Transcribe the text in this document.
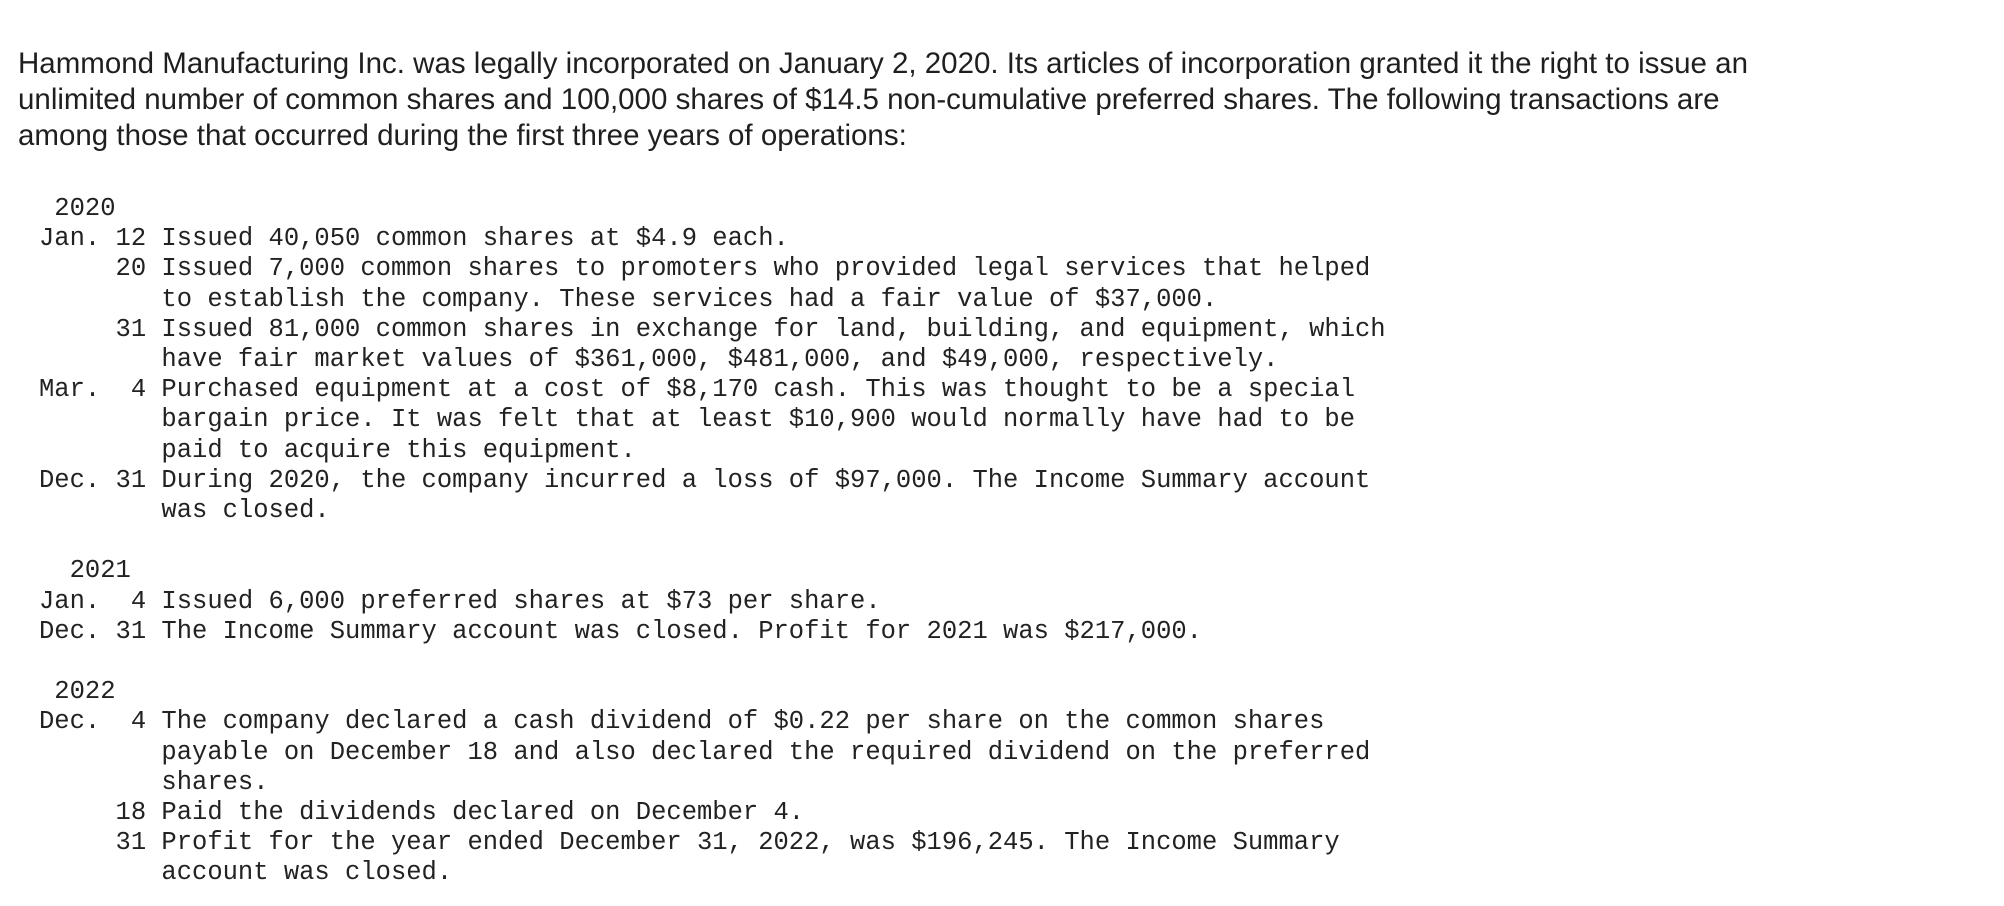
Hammond Manufacturing Inc. was legally incorporated on January 2, 2020. Its articles of incorporation granted it the right to issue an
unlimited number of common shares and 100,000 shares of $14.5 non-cumulative preferred shares. The following transactions are
among those that occurred during the first three years of operations:
2020
Jan. 12 Issued 40,050 common shares at $4.9 each.
20 Issued 7,000 common shares to promoters who provided legal services that helped
to establish the company. These services had a fair value of $37,000.
31 Issued 81,000 common shares in exchange for land, building, and equipment, which
have fair market values of $361,000, $481,000, and $49,000, respectively.
Mar.  4 Purchased equipment at a cost of $8,170 cash. This was thought to be a special
bargain price. It was felt that at least $10,900 would normally have had to be
paid to acquire this equipment.
Dec. 31 During 2020, the company incurred a loss of $97,000. The Income Summary account
was closed.
2021
Jan.  4 Issued 6,000 preferred shares at $73 per share.
Dec. 31 The Income Summary account was closed. Profit for 2021 was $217,000.
2022
Dec.  4 The company declared a cash dividend of $0.22 per share on the common shares
payable on December 18 and also declared the required dividend on the preferred
shares.
18 Paid the dividends declared on December 4.
31 Profit for the year ended December 31, 2022, was $196,245. The Income Summary
account was closed.
